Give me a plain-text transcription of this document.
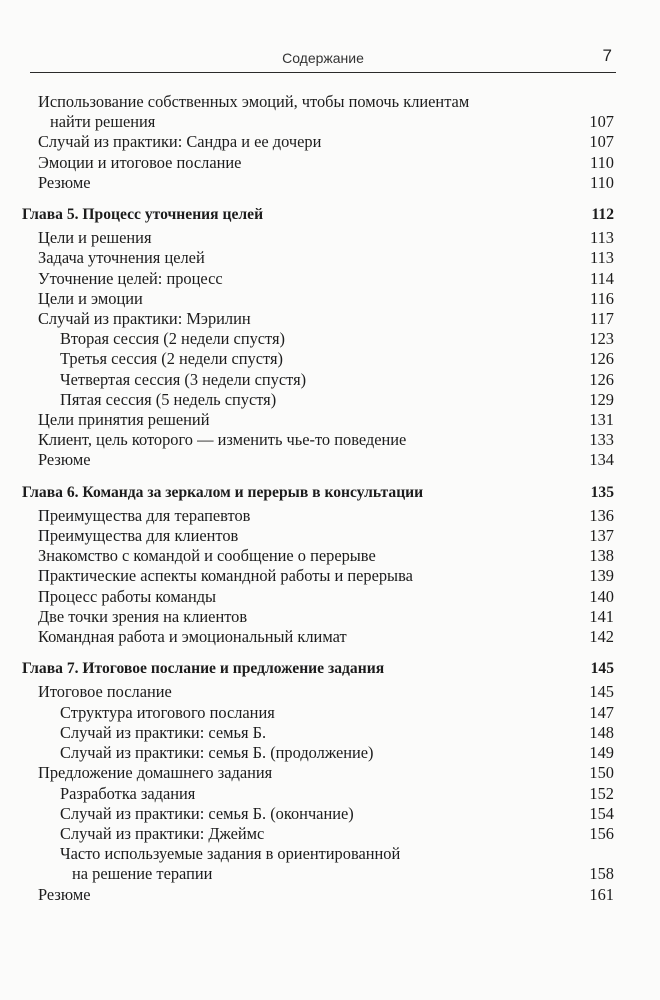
Содержание	7
Использование собственных эмоций, чтобы помочь клиентам
найти решения	107
Случай из практики: Сандра и ее дочери	107
Эмоции и итоговое послание	110
Резюме	110
Глава 5. Процесс уточнения целей	112
Цели и решения	113
Задача уточнения целей	113
Уточнение целей: процесс	114
Цели и эмоции	116
Случай из практики: Мэрилин	117
Вторая сессия (2 недели спустя)	123
Третья сессия (2 недели спустя)	126
Четвертая сессия (3 недели спустя)	126
Пятая сессия (5 недель спустя)	129
Цели принятия решений	131
Клиент, цель которого — изменить чье-то поведение	133
Резюме	134
Глава 6. Команда за зеркалом и перерыв в консультации	135
Преимущества для терапевтов	136
Преимущества для клиентов	137
Знакомство с командой и сообщение о перерыве	138
Практические аспекты командной работы и перерыва	139
Процесс работы команды	140
Две точки зрения на клиентов	141
Командная работа и эмоциональный климат	142
Глава 7. Итоговое послание и предложение задания	145
Итоговое послание	145
Структура итогового послания	147
Случай из практики: семья Б.	148
Случай из практики: семья Б. (продолжение)	149
Предложение домашнего задания	150
Разработка задания	152
Случай из практики: семья Б. (окончание)	154
Случай из практики: Джеймс	156
Часто используемые задания в ориентированной
на решение терапии	158
Резюме	161
